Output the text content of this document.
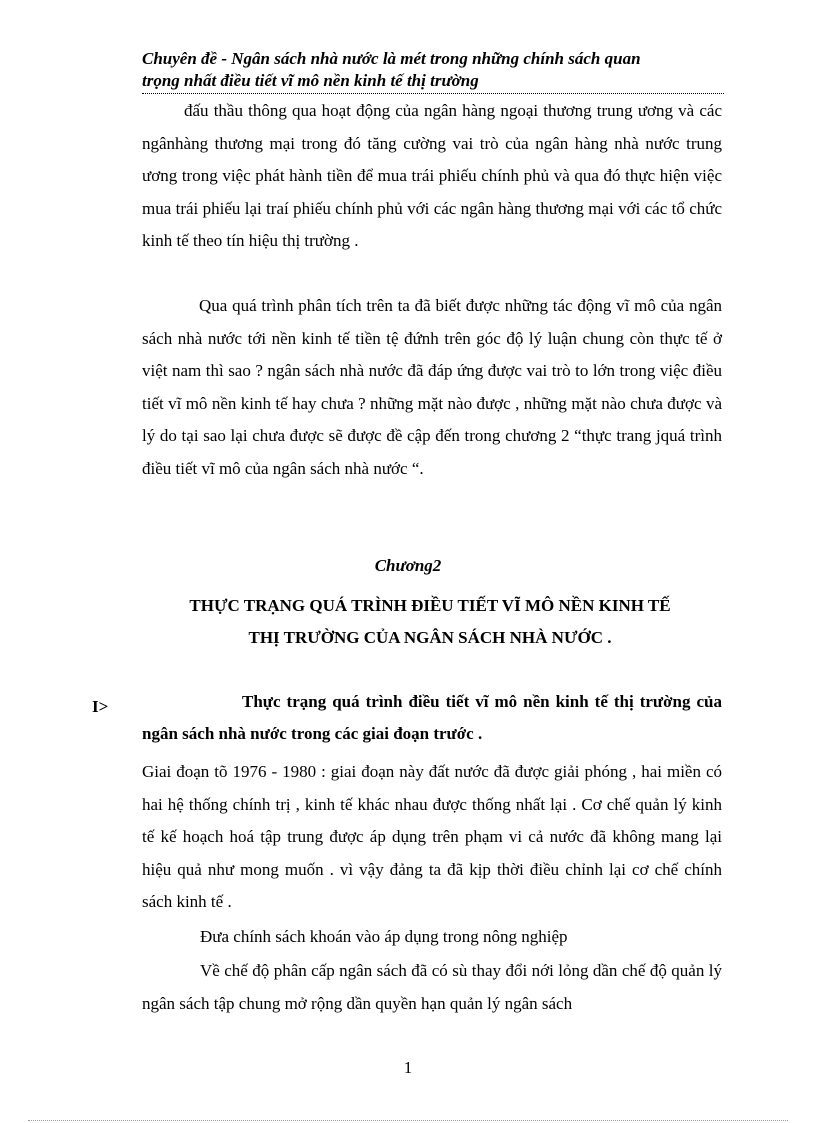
Chuyên đề - Ngân sách nhà nước là mét trong những chính sách quan
trọng nhất điều tiết vĩ mô nền kinh tế thị trường

đấu thầu thông qua hoạt động của ngân hàng ngoại thương trung ương và các ngânhàng thương mại trong đó tăng cường vai trò của ngân hàng nhà nước trung ương trong việc phát hành tiền để mua trái phiếu chính phủ và qua đó thực hiện việc mua trái phiếu lại traí phiếu chính phủ với các ngân hàng thương mại với các tổ chức kinh tế theo tín hiệu thị trường .

Qua quá trình phân tích trên ta đã biết được những tác động vĩ mô của ngân sách nhà nước tới nền kinh tế tiền tệ đứnh trên góc độ lý luận chung còn thực tế ở việt nam thì sao ? ngân sách nhà nước đã đáp ứng được vai trò to lớn trong việc điều tiết vĩ mô nền kinh tế hay chưa ? những mặt nào được , những mặt nào chưa được và lý do tại sao lại chưa được sẽ được đề cập đến trong chương 2 “thực trang jquá trình điều tiết vĩ mô của ngân sách nhà nước “.

Chương2
THỰC TRẠNG QUÁ TRÌNH ĐIỀU TIẾT VĨ MÔ NỀN KINH TẾ
THỊ TRƯỜNG CỦA NGÂN SÁCH NHÀ NƯỚC .
I>	Thực trạng quá trình điều tiết vĩ mô nền kinh tế thị trường của ngân sách nhà nước trong các giai đoạn trước .

Giai đoạn tõ 1976 - 1980 : giai đoạn này đất nước đã được giải phóng , hai miền có hai hệ thống chính trị , kinh tế khác nhau được thống nhất lại . Cơ chế quản lý kinh tế kế hoạch hoá tập trung được áp dụng trên phạm vi cả nước đã không mang lại hiệu quả như mong muốn . vì vậy đảng ta đã kịp thời điều chỉnh lại cơ chế chính sách kinh tế .

Đưa chính sách khoán vào áp dụng trong nông nghiệp

Về chế độ phân cấp ngân sách đã có sù thay đổi nới lỏng dần chế độ quản lý ngân sách tập chung mở rộng dần quyền hạn quản lý ngân sách

1
